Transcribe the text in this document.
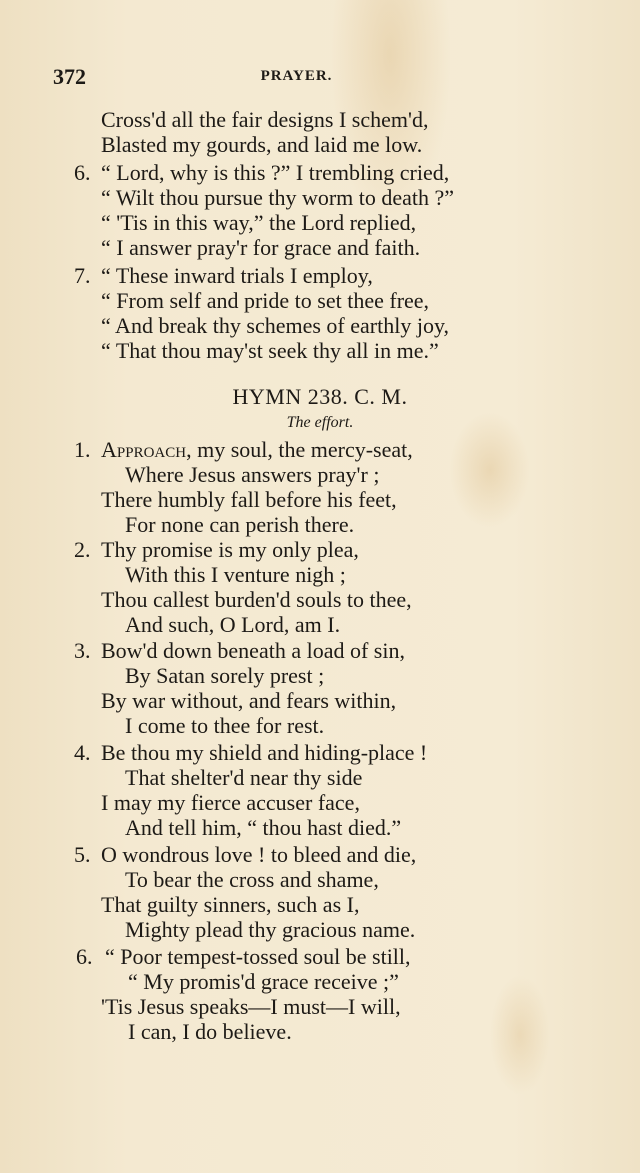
372	PRAYER.
Cross'd all the fair designs I schem'd,
Blasted my gourds, and laid me low.
6. “ Lord, why is this ?” I trembling cried,
“ Wilt thou pursue thy worm to death ?”
“ 'Tis in this way,” the Lord replied,
“ I answer pray'r for grace and faith.
7. “ These inward trials I employ,
“ From self and pride to set thee free,
“ And break thy schemes of earthly joy,
“ That thou may'st seek thy all in me.”
HYMN 238. C. M.
The effort.
1. Approach, my soul, the mercy-seat,
Where Jesus answers pray'r ;
There humbly fall before his feet,
For none can perish there.
2. Thy promise is my only plea,
With this I venture nigh ;
Thou callest burden'd souls to thee,
And such, O Lord, am I.
3. Bow'd down beneath a load of sin,
By Satan sorely prest ;
By war without, and fears within,
I come to thee for rest.
4. Be thou my shield and hiding-place !
That shelter'd near thy side
I may my fierce accuser face,
And tell him, “ thou hast died.”
5. O wondrous love ! to bleed and die,
To bear the cross and shame,
That guilty sinners, such as I,
Mighty plead thy gracious name.
6. “ Poor tempest-tossed soul be still,
“ My promis'd grace receive ;”
'Tis Jesus speaks—I must—I will,
I can, I do believe.
